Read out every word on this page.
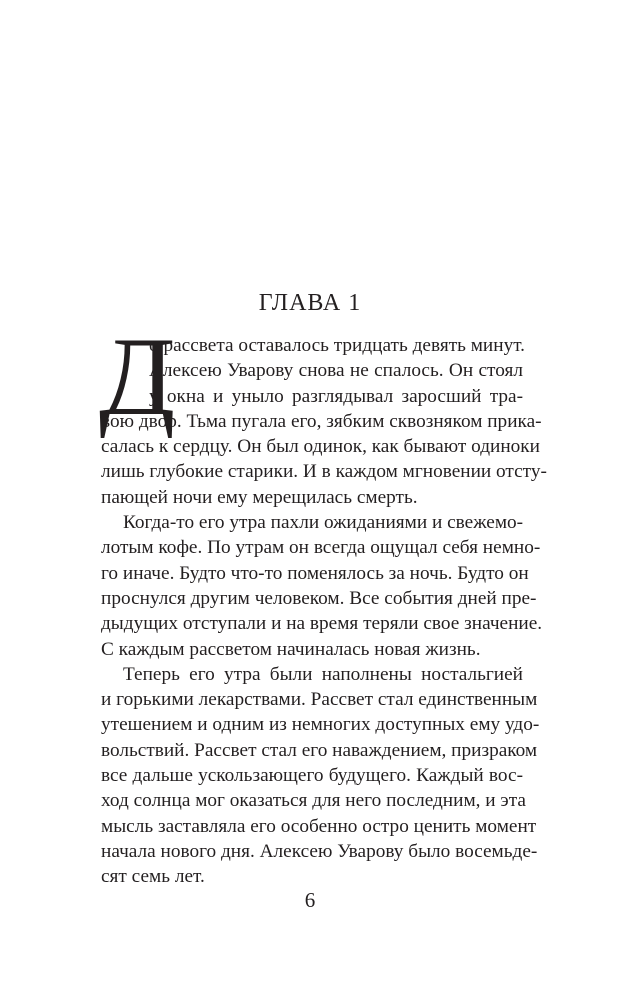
ГЛАВА 1
Д
о рассвета оставалось тридцать девять минут.
Алексею Уварову снова не спалось. Он стоял
у окна и уныло разглядывал заросший тра-
вою двор. Тьма пугала его, зябким сквозняком прика-
салась к сердцу. Он был одинок, как бывают одиноки
лишь глубокие старики. И в каждом мгновении отсту-
пающей ночи ему мерещилась смерть.
Когда-то его утра пахли ожиданиями и свежемо-
лотым кофе. По утрам он всегда ощущал себя немно-
го иначе. Будто что-то поменялось за ночь. Будто он
проснулся другим человеком. Все события дней пре-
дыдущих отступали и на время теряли свое значение.
С каждым рассветом начиналась новая жизнь.
Теперь его утра были наполнены ностальгией
и горькими лекарствами. Рассвет стал единственным
утешением и одним из немногих доступных ему удо-
вольствий. Рассвет стал его наваждением, призраком
все дальше ускользающего будущего. Каждый вос-
ход солнца мог оказаться для него последним, и эта
мысль заставляла его особенно остро ценить момент
начала нового дня. Алексею Уварову было восемьде-
сят семь лет.
6
